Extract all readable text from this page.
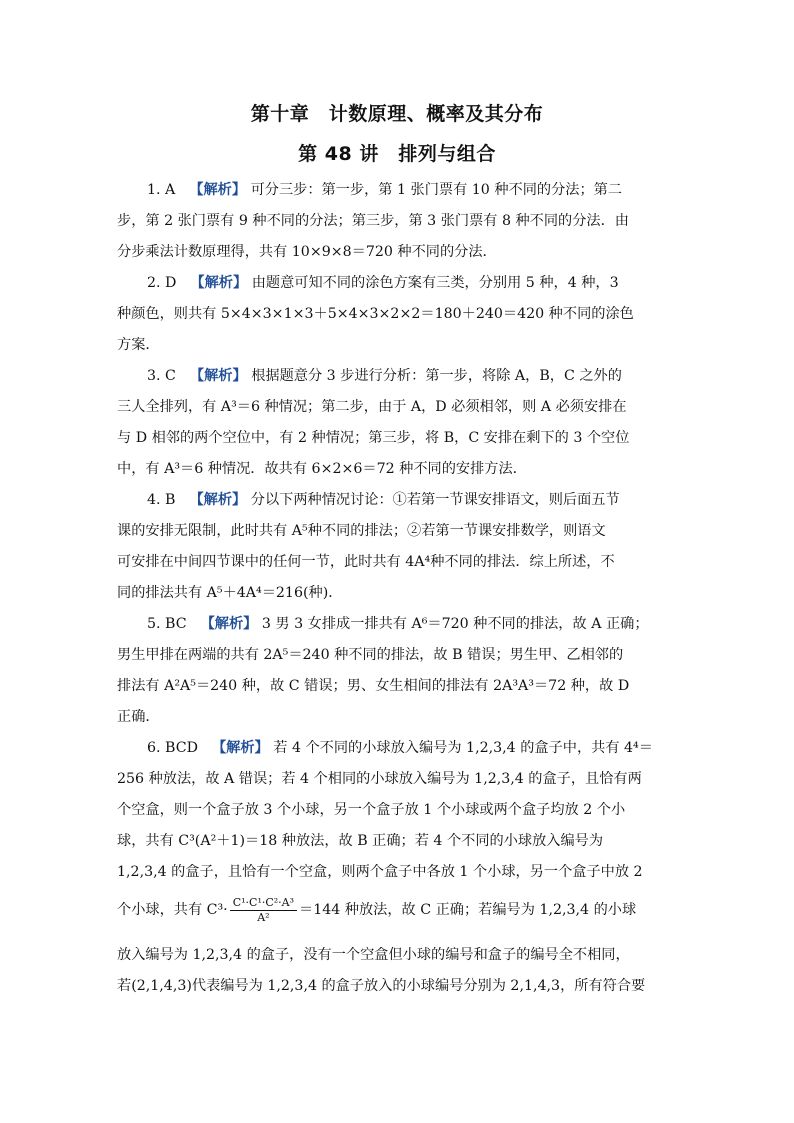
第十章　计数原理、概率及其分布
第 48 讲　排列与组合
1. A 【解析】 可分三步：第一步，第 1 张门票有 10 种不同的分法；第二
步，第 2 张门票有 9 种不同的分法；第三步，第 3 张门票有 8 种不同的分法．由
分步乘法计数原理得，共有 10×9×8＝720 种不同的分法．
2. D 【解析】 由题意可知不同的涂色方案有三类，分别用 5 种，4 种，3
种颜色，则共有 5×4×3×1×3＋5×4×3×2×2＝180＋240＝420 种不同的涂色
方案．
3. C 【解析】 根据题意分 3 步进行分析：第一步，将除 A，B，C 之外的
三人全排列，有 A³＝6 种情况；第二步，由于 A，D 必须相邻，则 A 必须安排在
与 D 相邻的两个空位中，有 2 种情况；第三步，将 B，C 安排在剩下的 3 个空位
中，有 A³＝6 种情况．故共有 6×2×6＝72 种不同的安排方法．
4. B 【解析】 分以下两种情况讨论：①若第一节课安排语文，则后面五节
课的安排无限制，此时共有 A⁵种不同的排法；②若第一节课安排数学，则语文
可安排在中间四节课中的任何一节，此时共有 4A⁴种不同的排法．综上所述，不
同的排法共有 A⁵＋4A⁴＝216(种)．
5. BC 【解析】 3 男 3 女排成一排共有 A⁶＝720 种不同的排法，故 A 正确；
男生甲排在两端的共有 2A⁵＝240 种不同的排法，故 B 错误；男生甲、乙相邻的
排法有 A²A⁵＝240 种，故 C 错误；男、女生相间的排法有 2A³A³＝72 种，故 D
正确．
6. BCD 【解析】 若 4 个不同的小球放入编号为 1,2,3,4 的盒子中，共有 4⁴＝
256 种放法，故 A 错误；若 4 个相同的小球放入编号为 1,2,3,4 的盒子，且恰有两
个空盒，则一个盒子放 3 个小球，另一个盒子放 1 个小球或两个盒子均放 2 个小
球，共有 C³(A²＋1)＝18 种放法，故 B 正确；若 4 个不同的小球放入编号为
1,2,3,4 的盒子，且恰有一个空盒，则两个盒子中各放 1 个小球，另一个盒子中放 2
个小球，共有 $C^3\cdot \frac{\text{C¹·C¹·C²·A³}}{\text{A²}} =144$ 种放法，故 C 正确；若编号为 1,2,3,4 的小球
放入编号为 1,2,3,4 的盒子，没有一个空盒但小球的编号和盒子的编号全不相同，
若(2,1,4,3)代表编号为 1,2,3,4 的盒子放入的小球编号分别为 2,1,4,3，所有符合要
